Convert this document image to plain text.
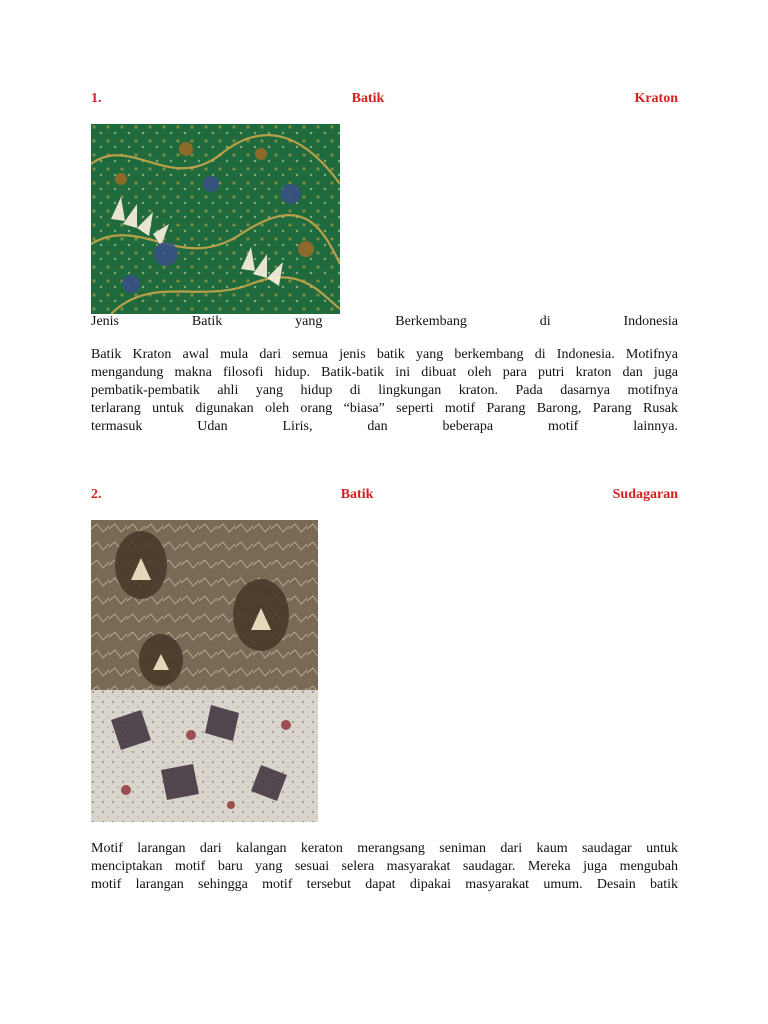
1.	Batik	Kraton
Jenis	Batik	yang	Berkembang	di	Indonesia
Batik Kraton awal mula dari semua jenis batik yang berkembang di Indonesia. Motifnya
mengandung makna filosofi hidup. Batik-batik ini dibuat oleh para putri kraton dan juga
pembatik-pembatik ahli yang hidup di lingkungan kraton. Pada dasarnya motifnya
terlarang untuk digunakan oleh orang “biasa” seperti motif Parang Barong, Parang Rusak
termasuk	Udan	Liris,	dan	beberapa	motif	lainnya.
2.	Batik	Sudagaran
Motif larangan dari kalangan keraton merangsang seniman dari kaum saudagar untuk
menciptakan motif baru yang sesuai selera masyarakat saudagar. Mereka juga mengubah
motif larangan sehingga motif tersebut dapat dipakai masyarakat umum. Desain batik
